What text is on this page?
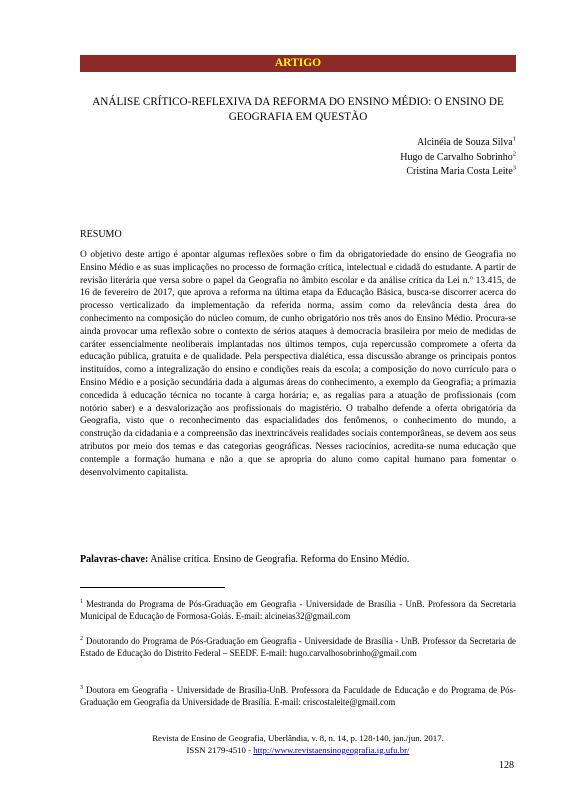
ARTIGO
ANÁLISE CRÍTICO-REFLEXIVA DA REFORMA DO ENSINO MÉDIO: O ENSINO DE GEOGRAFIA EM QUESTÃO
Alcinéia de Souza Silva$^1$
Hugo de Carvalho Sobrinho$^2$
Cristina Maria Costa Leite$^3$
RESUMO
O objetivo deste artigo é apontar algumas reflexões sobre o fim da obrigatoriedade do ensino de Geografia no Ensino Médio e as suas implicações no processo de formação crítica, intelectual e cidadã do estudante. A partir de revisão literária que versa sobre o papel da Geografia no âmbito escolar e da análise crítica da Lei n.º 13.415, de 16 de fevereiro de 2017, que aprova a reforma na última etapa da Educação Básica, busca-se discorrer acerca do processo verticalizado da implementação da referida norma, assim como da relevância desta área do conhecimento na composição do núcleo comum, de cunho obrigatório nos três anos do Ensino Médio. Procura-se ainda provocar uma reflexão sobre o contexto de sérios ataques à democracia brasileira por meio de medidas de caráter essencialmente neoliberais implantadas nos últimos tempos, cuja repercussão compromete a oferta da educação pública, gratuita e de qualidade. Pela perspectiva dialética, essa discussão abrange os principais pontos instituídos, como a integralização do ensino e condições reais da escola; a composição do novo currículo para o Ensino Médio e a posição secundária dada a algumas áreas do conhecimento, a exemplo da Geografia; a primazia concedida à educação técnica no tocante à carga horária; e, as regalias para a atuação de profissionais (com notório saber) e a desvalorização aos profissionais do magistério. O trabalho defende a oferta obrigatória da Geografia, visto que o reconhecimento das espacialidades dos fenômenos, o conhecimento do mundo, a construção da cidadania e a compreensão das inextrincáveis realidades sociais contemporâneas, se devem aos seus atributos por meio dos temas e das categorias geográficas. Nesses raciocínios, acredita-se numa educação que contemple a formação humana e não a que se apropria do aluno como capital humano para fomentar o desenvolvimento capitalista.
Palavras-chave: Análise crítica. Ensino de Geografia. Reforma do Ensino Médio.
$^1$ Mestranda do Programa de Pós-Graduação em Geografia - Universidade de Brasília - UnB. Professora da Secretaria Municipal de Educação de Formosa-Goiás. E-mail: alcineias32@gmail.com
$^2$ Doutorando do Programa de Pós-Graduação em Geografia - Universidade de Brasília - UnB. Professor da Secretaria de Estado de Educação do Distrito Federal – SEEDF. E-mail: hugo.carvalhosobrinho@gmail.com
$^3$ Doutora em Geografia - Universidade de Brasília-UnB. Professora da Faculdade de Educação e do Programa de Pós-Graduação em Geografia da Universidade de Brasília. E-mail: criscostaleite@gmail.com
Revista de Ensino de Geografia, Uberlândia, v. 8, n. 14, p. 128-140, jan./jun. 2017.
ISSN 2179-4510 - http://www.revistaensinogeografia.ig.ufu.br/
128
